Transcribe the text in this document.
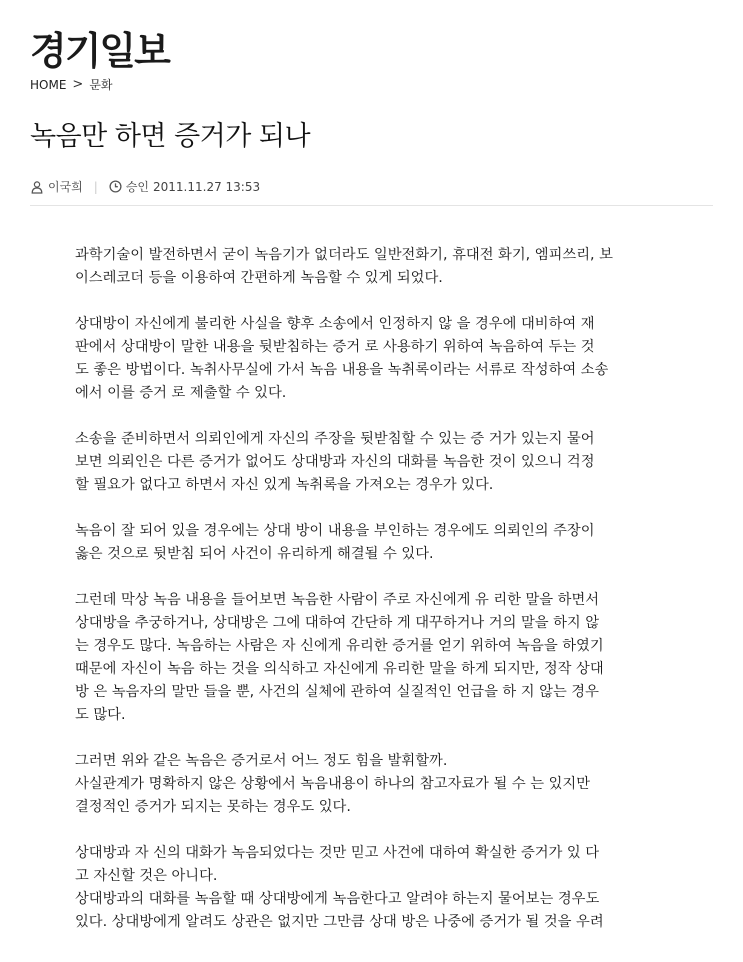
경기일보
HOME > 문화
녹음만 하면 증거가 되나
이국희 | 승인 2011.11.27 13:53

과학기술이 발전하면서 굳이 녹음기가 없더라도 일반전화기, 휴대전 화기, 엠피쓰리, 보
이스레코더 등을 이용하여 간편하게 녹음할 수 있게 되었다.

상대방이 자신에게 불리한 사실을 향후 소송에서 인정하지 않 을 경우에 대비하여 재
판에서 상대방이 말한 내용을 뒷받침하는 증거 로 사용하기 위하여 녹음하여 두는 것
도 좋은 방법이다. 녹취사무실에 가서 녹음 내용을 녹취록이라는 서류로 작성하여 소송
에서 이를 증거 로 제출할 수 있다.

소송을 준비하면서 의뢰인에게 자신의 주장을 뒷받침할 수 있는 증 거가 있는지 물어
보면 의뢰인은 다른 증거가 없어도 상대방과 자신의 대화를 녹음한 것이 있으니 걱정
할 필요가 없다고 하면서 자신 있게 녹취록을 가져오는 경우가 있다.

녹음이 잘 되어 있을 경우에는 상대 방이 내용을 부인하는 경우에도 의뢰인의 주장이
옳은 것으로 뒷받침 되어 사건이 유리하게 해결될 수 있다.

그런데 막상 녹음 내용을 들어보면 녹음한 사람이 주로 자신에게 유 리한 말을 하면서
상대방을 추궁하거나, 상대방은 그에 대하여 간단하 게 대꾸하거나 거의 말을 하지 않
는 경우도 많다. 녹음하는 사람은 자 신에게 유리한 증거를 얻기 위하여 녹음을 하였기
때문에 자신이 녹음 하는 것을 의식하고 자신에게 유리한 말을 하게 되지만, 정작 상대
방 은 녹음자의 말만 들을 뿐, 사건의 실체에 관하여 실질적인 언급을 하 지 않는 경우
도 많다.

그러면 위와 같은 녹음은 증거로서 어느 정도 힘을 발휘할까.
사실관계가 명확하지 않은 상황에서 녹음내용이 하나의 참고자료가 될 수 는 있지만
결정적인 증거가 되지는 못하는 경우도 있다.

상대방과 자 신의 대화가 녹음되었다는 것만 믿고 사건에 대하여 확실한 증거가 있 다
고 자신할 것은 아니다.
상대방과의 대화를 녹음할 때 상대방에게 녹음한다고 알려야 하는지 물어보는 경우도
있다. 상대방에게 알려도 상관은 없지만 그만큼 상대 방은 나중에 증거가 될 것을 우려
